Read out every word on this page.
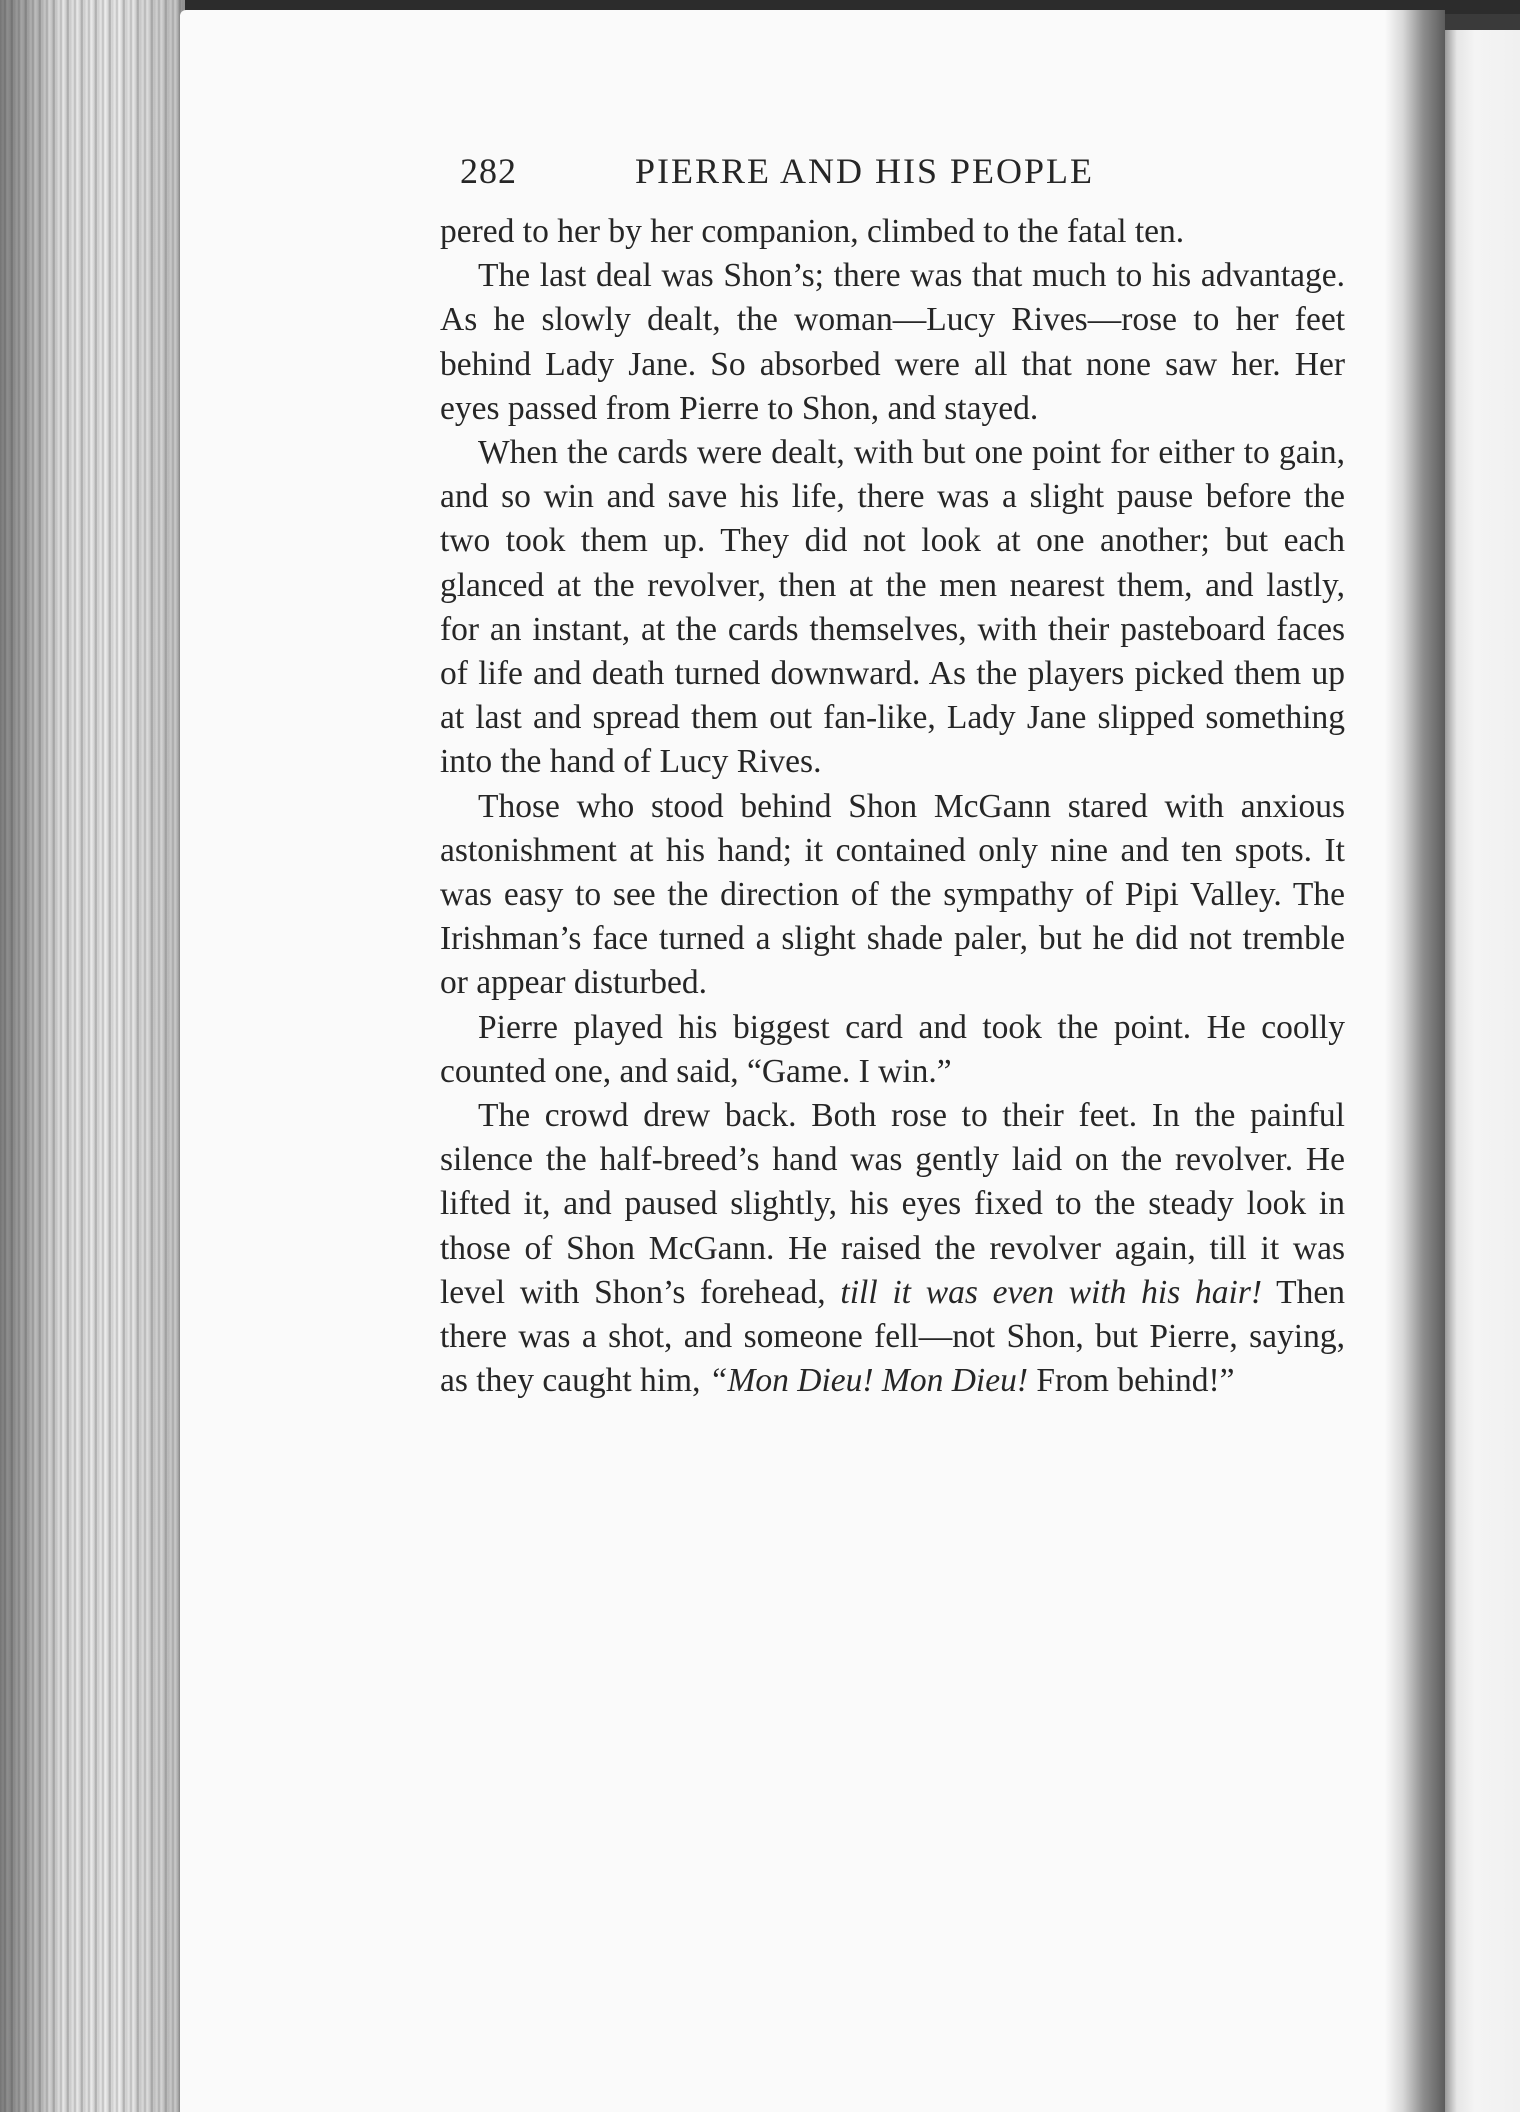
282	PIERRE AND HIS PEOPLE

pered to her by her companion, climbed to the fatal ten.

The last deal was Shon’s; there was that much to his advantage. As he slowly dealt, the woman—Lucy Rives—rose to her feet behind Lady Jane. So absorbed were all that none saw her. Her eyes passed from Pierre to Shon, and stayed.

When the cards were dealt, with but one point for either to gain, and so win and save his life, there was a slight pause before the two took them up. They did not look at one another; but each glanced at the revolver, then at the men nearest them, and lastly, for an instant, at the cards themselves, with their pasteboard faces of life and death turned downward. As the players picked them up at last and spread them out fan-like, Lady Jane slipped something into the hand of Lucy Rives.

Those who stood behind Shon McGann stared with anxious astonishment at his hand; it contained only nine and ten spots. It was easy to see the direction of the sympathy of Pipi Valley. The Irishman’s face turned a slight shade paler, but he did not tremble or appear disturbed.

Pierre played his biggest card and took the point. He coolly counted one, and said, “Game. I win.”

The crowd drew back. Both rose to their feet. In the painful silence the half-breed’s hand was gently laid on the revolver. He lifted it, and paused slightly, his eyes fixed to the steady look in those of Shon McGann. He raised the revolver again, till it was level with Shon’s forehead, till it was even with his hair! Then there was a shot, and someone fell—not Shon, but Pierre, saying, as they caught him, “Mon Dieu! Mon Dieu! From behind!”
